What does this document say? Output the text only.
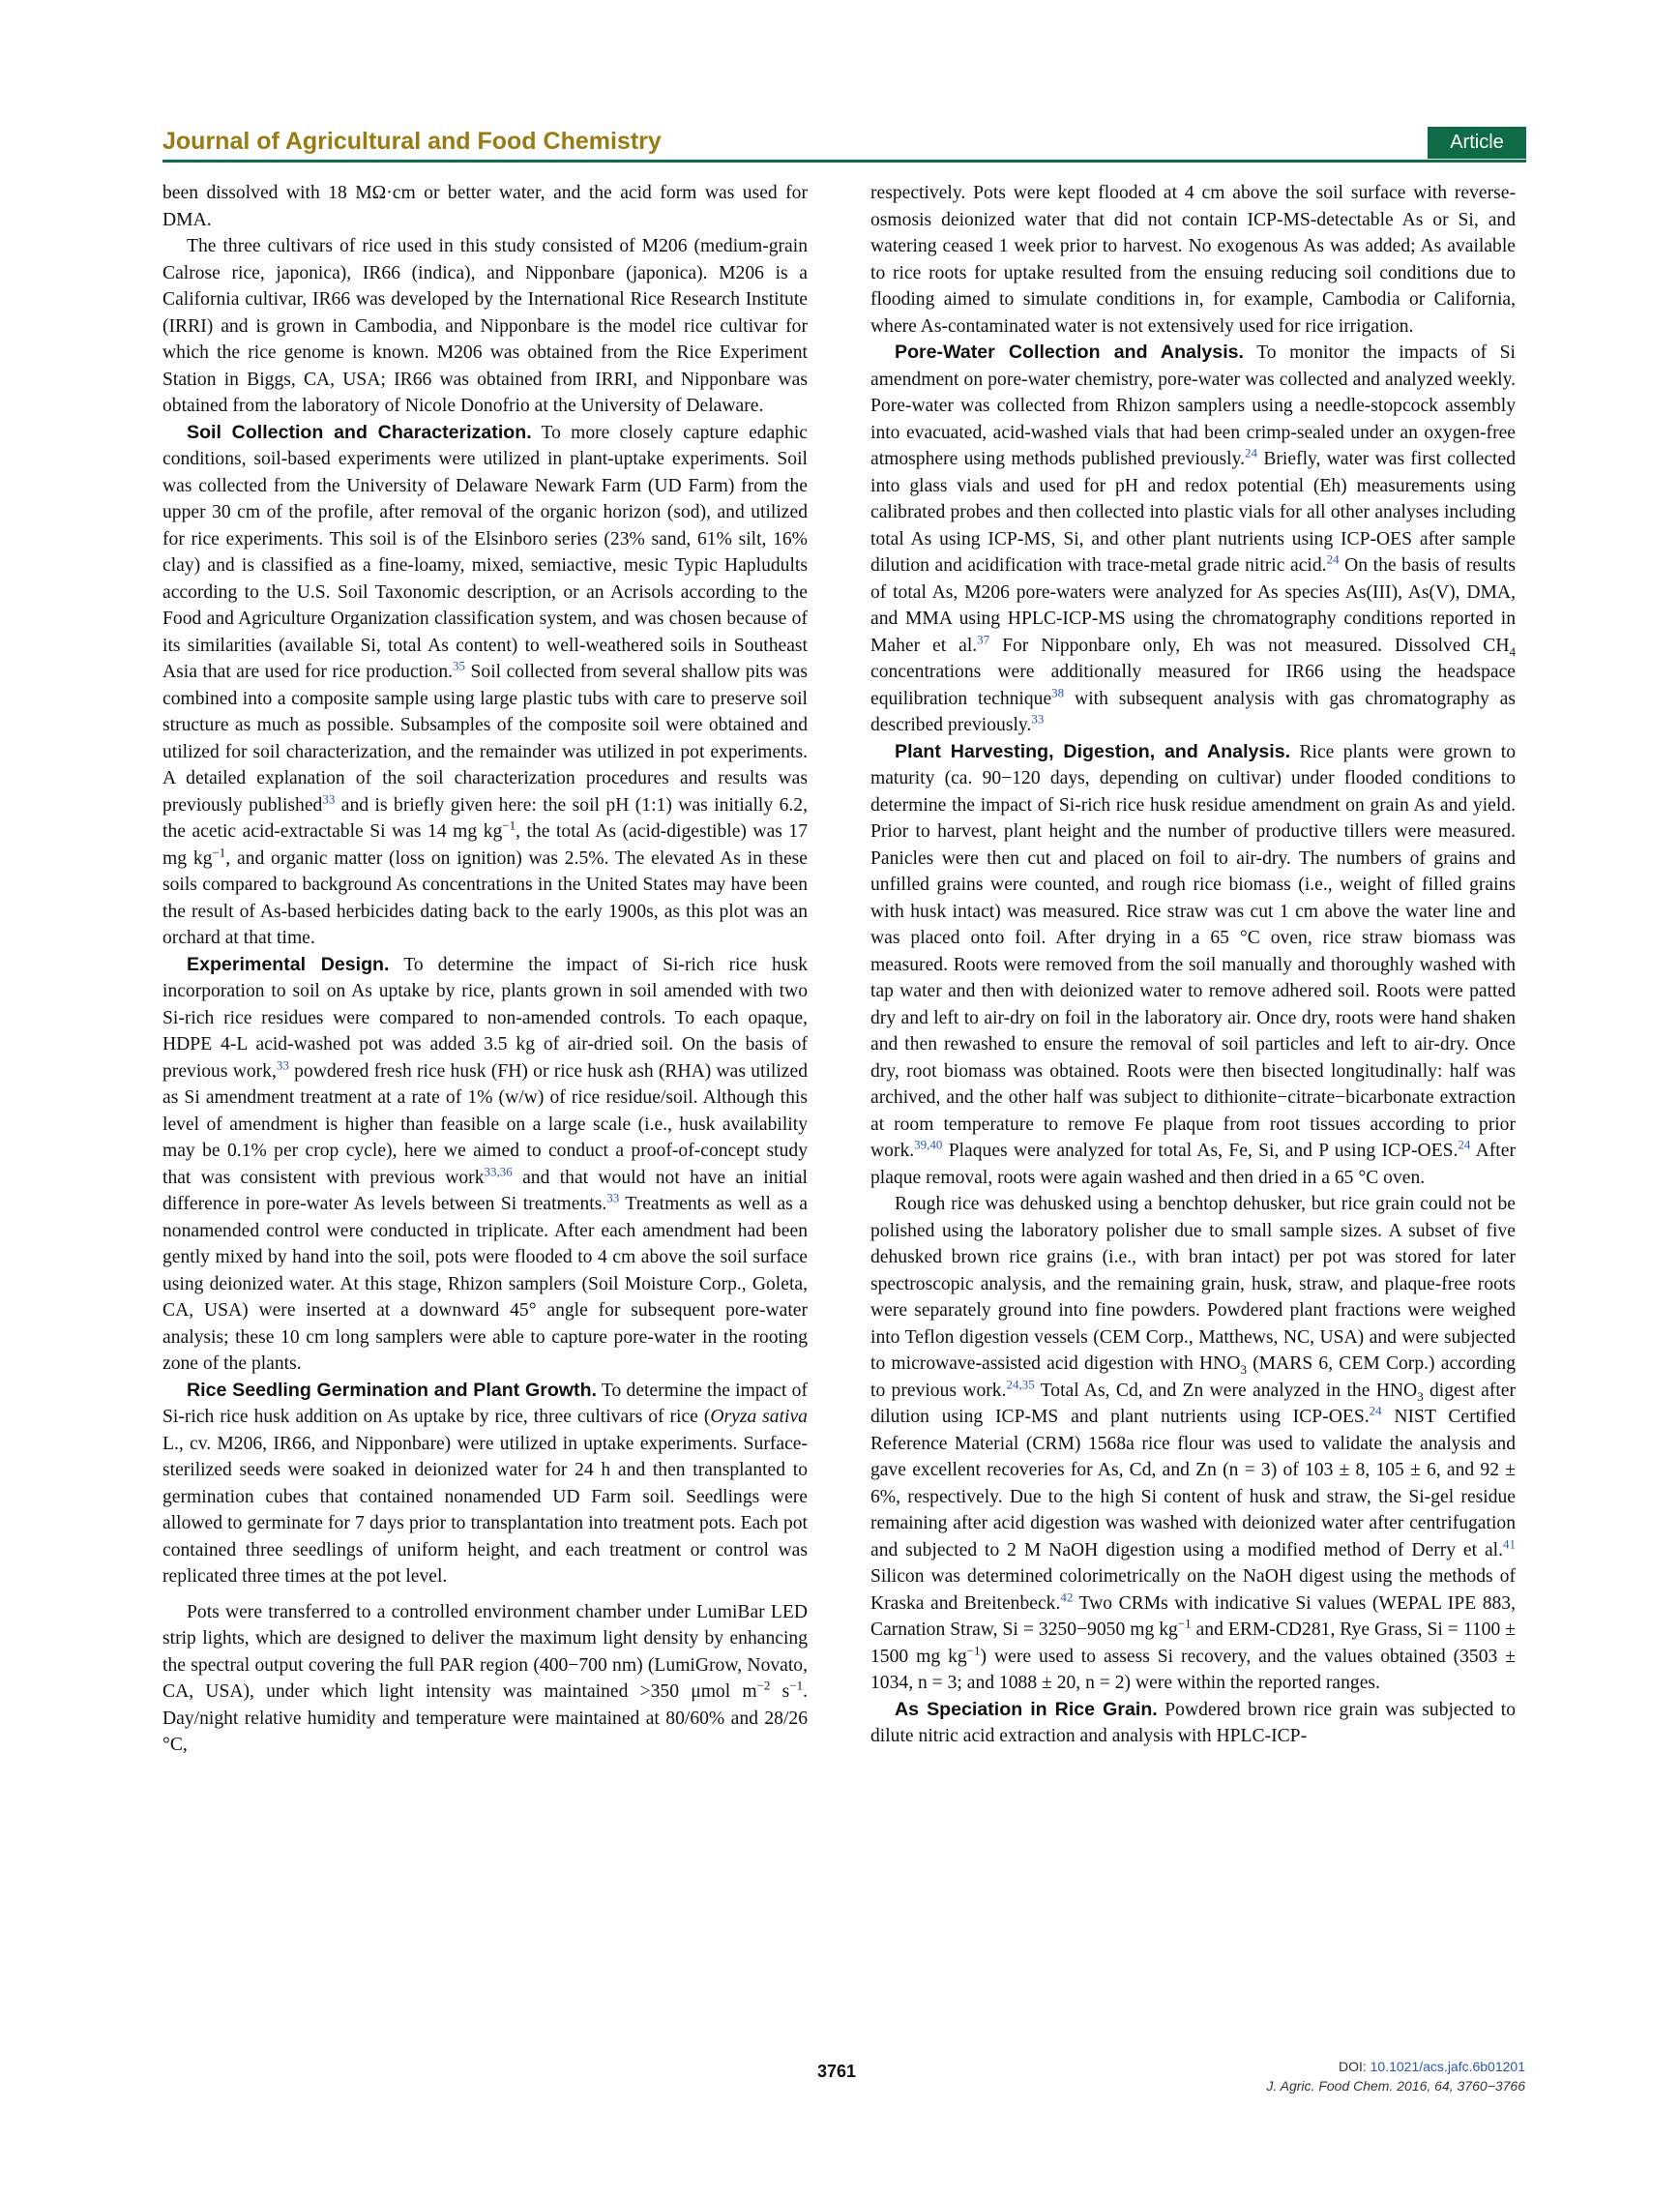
Journal of Agricultural and Food Chemistry	Article

been dissolved with 18 MΩ·cm or better water, and the acid form was used for DMA.

The three cultivars of rice used in this study consisted of M206 (medium-grain Calrose rice, japonica), IR66 (indica), and Nipponbare (japonica). M206 is a California cultivar, IR66 was developed by the International Rice Research Institute (IRRI) and is grown in Cambodia, and Nipponbare is the model rice cultivar for which the rice genome is known. M206 was obtained from the Rice Experiment Station in Biggs, CA, USA; IR66 was obtained from IRRI, and Nipponbare was obtained from the laboratory of Nicole Donofrio at the University of Delaware.

Soil Collection and Characterization. To more closely capture edaphic conditions, soil-based experiments were utilized in plant-uptake experiments. Soil was collected from the University of Delaware Newark Farm (UD Farm) from the upper 30 cm of the profile, after removal of the organic horizon (sod), and utilized for rice experiments. This soil is of the Elsinboro series (23% sand, 61% silt, 16% clay) and is classified as a fine-loamy, mixed, semiactive, mesic Typic Hapludults according to the U.S. Soil Taxonomic description, or an Acrisols according to the Food and Agriculture Organization classification system, and was chosen because of its similarities (available Si, total As content) to well-weathered soils in Southeast Asia that are used for rice production.$^{35}$ Soil collected from several shallow pits was combined into a composite sample using large plastic tubs with care to preserve soil structure as much as possible. Subsamples of the composite soil were obtained and utilized for soil characterization, and the remainder was utilized in pot experiments. A detailed explanation of the soil characterization procedures and results was previously published$^{33}$ and is briefly given here: the soil pH (1:1) was initially 6.2, the acetic acid-extractable Si was 14 mg $kg^{-1}$, the total As (acid-digestible) was 17 mg $kg^{-1}$, and organic matter (loss on ignition) was 2.5%. The elevated As in these soils compared to background As concentrations in the United States may have been the result of As-based herbicides dating back to the early 1900s, as this plot was an orchard at that time.

Experimental Design. To determine the impact of Si-rich rice husk incorporation to soil on As uptake by rice, plants grown in soil amended with two Si-rich rice residues were compared to non-amended controls. To each opaque, HDPE 4-L acid-washed pot was added 3.5 kg of air-dried soil. On the basis of previous work,$^{33}$ powdered fresh rice husk (FH) or rice husk ash (RHA) was utilized as Si amendment treatment at a rate of 1% (w/w) of rice residue/soil. Although this level of amendment is higher than feasible on a large scale (i.e., husk availability may be 0.1% per crop cycle), here we aimed to conduct a proof-of-concept study that was consistent with previous work$^{33,36}$ and that would not have an initial difference in pore-water As levels between Si treatments.$^{33}$ Treatments as well as a nonamended control were conducted in triplicate. After each amendment had been gently mixed by hand into the soil, pots were flooded to 4 cm above the soil surface using deionized water. At this stage, Rhizon samplers (Soil Moisture Corp., Goleta, CA, USA) were inserted at a downward 45° angle for subsequent pore-water analysis; these 10 cm long samplers were able to capture pore-water in the rooting zone of the plants.

Rice Seedling Germination and Plant Growth. To determine the impact of Si-rich rice husk addition on As uptake by rice, three cultivars of rice (Oryza sativa L., cv. M206, IR66, and Nipponbare) were utilized in uptake experiments. Surface-sterilized seeds were soaked in deionized water for 24 h and then transplanted to germination cubes that contained nonamended UD Farm soil. Seedlings were allowed to germinate for 7 days prior to transplantation into treatment pots. Each pot contained three seedlings of uniform height, and each treatment or control was replicated three times at the pot level.

Pots were transferred to a controlled environment chamber under LumiBar LED strip lights, which are designed to deliver the maximum light density by enhancing the spectral output covering the full PAR region (400−700 nm) (LumiGrow, Novato, CA, USA), under which light intensity was maintained >350 μmol $m^{-2}$ $s^{-1}$. Day/night relative humidity and temperature were maintained at 80/60% and 28/26 °C,

respectively. Pots were kept flooded at 4 cm above the soil surface with reverse-osmosis deionized water that did not contain ICP-MS-detectable As or Si, and watering ceased 1 week prior to harvest. No exogenous As was added; As available to rice roots for uptake resulted from the ensuing reducing soil conditions due to flooding aimed to simulate conditions in, for example, Cambodia or California, where As-contaminated water is not extensively used for rice irrigation.

Pore-Water Collection and Analysis. To monitor the impacts of Si amendment on pore-water chemistry, pore-water was collected and analyzed weekly. Pore-water was collected from Rhizon samplers using a needle-stopcock assembly into evacuated, acid-washed vials that had been crimp-sealed under an oxygen-free atmosphere using methods published previously.$^{24}$ Briefly, water was first collected into glass vials and used for pH and redox potential (Eh) measurements using calibrated probes and then collected into plastic vials for all other analyses including total As using ICP-MS, Si, and other plant nutrients using ICP-OES after sample dilution and acidification with trace-metal grade nitric acid.$^{24}$ On the basis of results of total As, M206 pore-waters were analyzed for As species As(III), As(V), DMA, and MMA using HPLC-ICP-MS using the chromatography conditions reported in Maher et al.$^{37}$ For Nipponbare only, Eh was not measured. Dissolved $CH_4$ concentrations were additionally measured for IR66 using the headspace equilibration technique$^{38}$ with subsequent analysis with gas chromatography as described previously.$^{33}$

Plant Harvesting, Digestion, and Analysis. Rice plants were grown to maturity (ca. 90−120 days, depending on cultivar) under flooded conditions to determine the impact of Si-rich rice husk residue amendment on grain As and yield. Prior to harvest, plant height and the number of productive tillers were measured. Panicles were then cut and placed on foil to air-dry. The numbers of grains and unfilled grains were counted, and rough rice biomass (i.e., weight of filled grains with husk intact) was measured. Rice straw was cut 1 cm above the water line and was placed onto foil. After drying in a 65 °C oven, rice straw biomass was measured. Roots were removed from the soil manually and thoroughly washed with tap water and then with deionized water to remove adhered soil. Roots were patted dry and left to air-dry on foil in the laboratory air. Once dry, roots were hand shaken and then rewashed to ensure the removal of soil particles and left to air-dry. Once dry, root biomass was obtained. Roots were then bisected longitudinally: half was archived, and the other half was subject to dithionite−citrate−bicarbonate extraction at room temperature to remove Fe plaque from root tissues according to prior work.$^{39,40}$ Plaques were analyzed for total As, Fe, Si, and P using ICP-OES.$^{24}$ After plaque removal, roots were again washed and then dried in a 65 °C oven.

Rough rice was dehusked using a benchtop dehusker, but rice grain could not be polished using the laboratory polisher due to small sample sizes. A subset of five dehusked brown rice grains (i.e., with bran intact) per pot was stored for later spectroscopic analysis, and the remaining grain, husk, straw, and plaque-free roots were separately ground into fine powders. Powdered plant fractions were weighed into Teflon digestion vessels (CEM Corp., Matthews, NC, USA) and were subjected to microwave-assisted acid digestion with $HNO_3$ (MARS 6, CEM Corp.) according to previous work.$^{24,35}$ Total As, Cd, and Zn were analyzed in the $HNO_3$ digest after dilution using ICP-MS and plant nutrients using ICP-OES.$^{24}$ NIST Certified Reference Material (CRM) 1568a rice flour was used to validate the analysis and gave excellent recoveries for As, Cd, and Zn (n = 3) of 103 ± 8, 105 ± 6, and 92 ± 6%, respectively. Due to the high Si content of husk and straw, the Si-gel residue remaining after acid digestion was washed with deionized water after centrifugation and subjected to 2 M NaOH digestion using a modified method of Derry et al.$^{41}$ Silicon was determined colorimetrically on the NaOH digest using the methods of Kraska and Breitenbeck.$^{42}$ Two CRMs with indicative Si values (WEPAL IPE 883, Carnation Straw, Si = 3250−9050 mg $kg^{-1}$ and ERM-CD281, Rye Grass, Si = 1100 ± 1500 mg $kg^{-1}$) were used to assess Si recovery, and the values obtained (3503 ± 1034, n = 3; and 1088 ± 20, n = 2) were within the reported ranges.

As Speciation in Rice Grain. Powdered brown rice grain was subjected to dilute nitric acid extraction and analysis with HPLC-ICP-

3761	DOI: 10.1021/acs.jafc.6b01201
J. Agric. Food Chem. 2016, 64, 3760−3766
